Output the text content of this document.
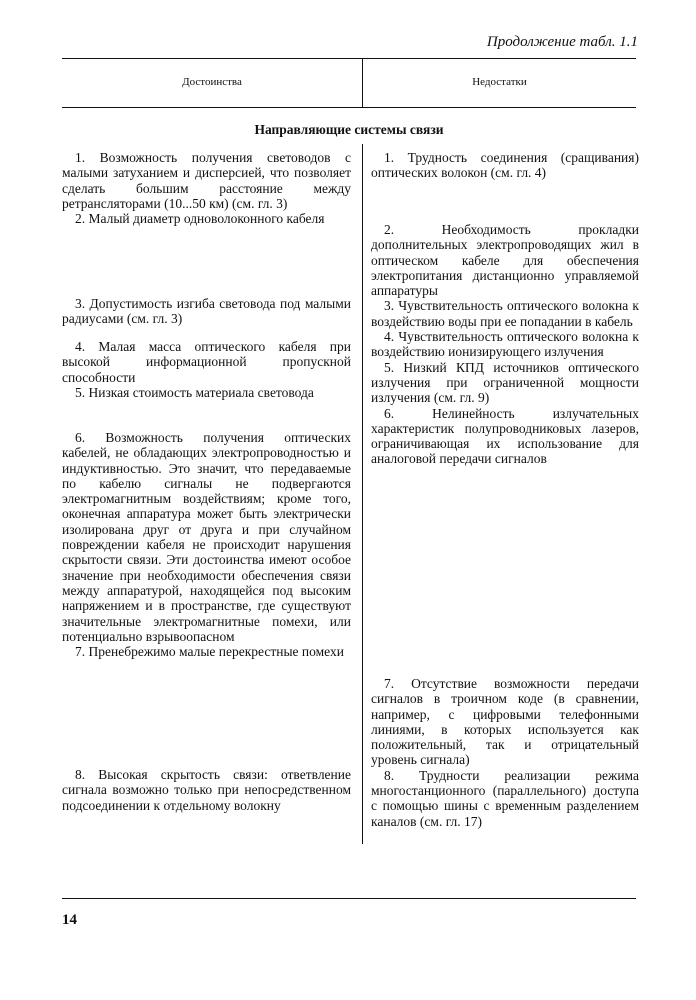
Продолжение табл. 1.1
Достоинства	Недостатки
Направляющие системы связи

1. Возможность получения световодов с малыми затуханием и дисперсией, что позволяет сделать большим расстояние между ретрансляторами (10...50 км) (см. гл. 3)

2. Малый диаметр одноволоконного кабеля

3. Допустимость изгиба световода под малыми радиусами (см. гл. 3)

4. Малая масса оптического кабеля при высокой информационной пропускной способности

5. Низкая стоимость материала световода

6. Возможность получения оптических кабелей, не обладающих электропроводностью и индуктивностью. Это значит, что передаваемые по кабелю сигналы не подвергаются электромагнитным воздействиям; кроме того, оконечная аппаратура может быть электрически изолирована друг от друга и при случайном повреждении кабеля не происходит нарушения скрытости связи. Эти достоинства имеют особое значение при необходимости обеспечения связи между аппаратурой, находящейся под высоким напряжением и в пространстве, где существуют значительные электромагнитные помехи, или потенциально взрывоопасном

7. Пренебрежимо малые перекрестные помехи

8. Высокая скрытость связи: ответвление сигнала возможно только при непосредственном подсоединении к отдельному волокну

1. Трудность соединения (сращивания) оптических волокон (см. гл. 4)

2. Необходимость прокладки дополнительных электропроводящих жил в оптическом кабеле для обеспечения электропитания дистанционно управляемой аппаратуры

3. Чувствительность оптического волокна к воздействию воды при ее попадании в кабель

4. Чувствительность оптического волокна к воздействию ионизирующего излучения

5. Низкий КПД источников оптического излучения при ограниченной мощности излучения (см. гл. 9)

6. Нелинейность излучательных характеристик полупроводниковых лазеров, ограничивающая их использование для аналоговой передачи сигналов

7. Отсутствие возможности передачи сигналов в троичном коде (в сравнении, например, с цифровыми телефонными линиями, в которых используется как положительный, так и отрицательный уровень сигнала)

8. Трудности реализации режима многостанционного (параллельного) доступа с помощью шины с временным разделением каналов (см. гл. 17)

14
